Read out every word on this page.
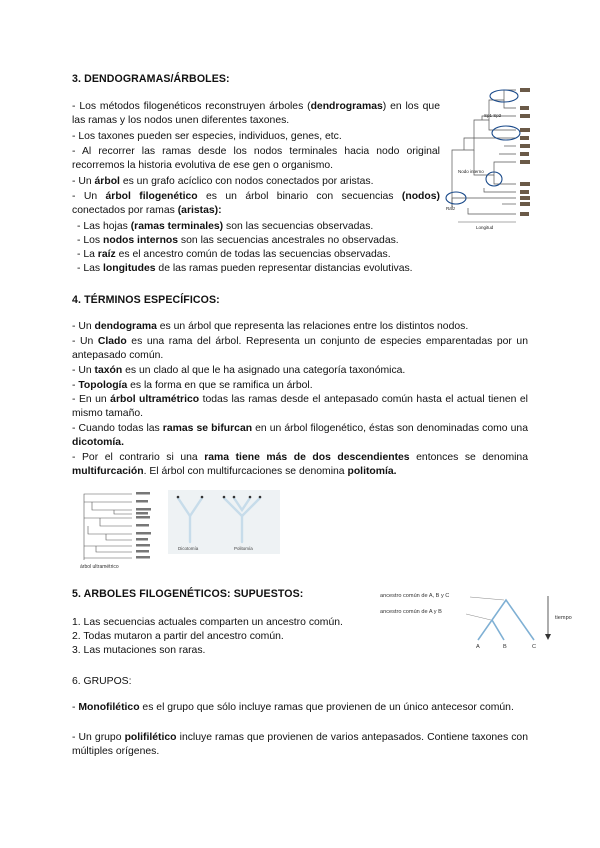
3. DENDOGRAMAS/ÁRBOLES:
- Los métodos filogenéticos reconstruyen árboles (dendrogramas) en los que las ramas y los nodos unen diferentes taxones.
- Los taxones pueden ser especies, individuos, genes, etc.
- Al recorrer las ramas desde los nodos terminales hacia nodo original recorremos la historia evolutiva de ese gen o organismo.
- Un árbol es un grafo acíclico con nodos conectados por aristas.
- Un árbol filogenético es un árbol binario con secuencias (nodos) conectados por ramas (aristas):
- Las hojas (ramas terminales) son las secuencias observadas.
- Los nodos internos son las secuencias ancestrales no observadas.
- La raíz es el ancestro común de todas las secuencias observadas.
- Las longitudes de las ramas pueden representar distancias evolutivas.
Sp1 Sp2
Nodo interno
Raíz
Longitud
4. TÉRMINOS ESPECÍFICOS:
- Un dendograma es un árbol que representa las relaciones entre los distintos nodos.
- Un Clado es una rama del árbol. Representa un conjunto de especies emparentadas por un antepasado común.
- Un taxón es un clado al que le ha asignado una categoría taxonómica.
- Topología es la forma en que se ramifica un árbol.
- En un árbol ultramétrico todas las ramas desde el antepasado común hasta el actual tienen el mismo tamaño.
- Cuando todas las ramas se bifurcan en un árbol filogenético, éstas son denominadas como una dicotomía.
- Por el contrario si una rama tiene más de dos descendientes entonces se denomina multifurcación. El árbol con multifurcaciones se denomina politomía.
árbol ultramétrico
Dicotomía	Politomía
5. ARBOLES FILOGENÉTICOS: SUPUESTOS:
1. Las secuencias actuales comparten un ancestro común.
2. Todas mutaron a partir del ancestro común.
3. Las mutaciones son raras.
ancestro común de A, B y C
ancestro común de A y B
A	B	C
tiempo
6. GRUPOS:
- Monofilético es el grupo que sólo incluye ramas que provienen de un único antecesor común.
- Un grupo polifilético incluye ramas que provienen de varios antepasados. Contiene taxones con múltiples orígenes.
